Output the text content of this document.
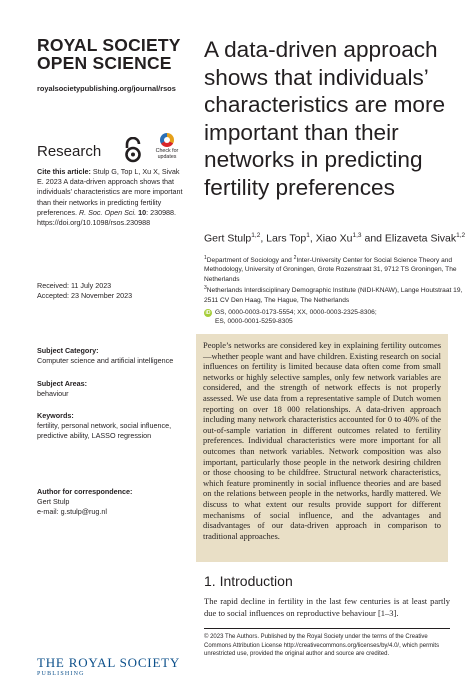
ROYAL SOCIETY
OPEN SCIENCE
royalsocietypublishing.org/journal/rsos
Research	Check for
updates
Cite this article: Stulp G, Top L, Xu X, Sivak E. 2023 A data-driven approach shows that individuals’ characteristics are more important than their networks in predicting fertility preferences. R. Soc. Open Sci. 10: 230988. https://doi.org/10.1098/rsos.230988
Received: 11 July 2023
Accepted: 23 November 2023
Subject Category:
Computer science and artificial intelligence
Subject Areas:
behaviour
Keywords:
fertility, personal network, social influence,
predictive ability, LASSO regression
Author for correspondence:
Gert Stulp
e-mail: g.stulp@rug.nl
THE ROYAL SOCIETY
PUBLISHING
A data-driven approach shows that individuals’ characteristics are more important than their networks in predicting fertility preferences
Gert Stulp$^{1,2}$, Lars Top$^1$, Xiao Xu$^{1,3}$ and Elizaveta Sivak$^{1,2}$
$^1$Department of Sociology and $^2$Inter-University Center for Social Science Theory and Methodology, University of Groningen, Grote Rozenstraat 31, 9712 TS Groningen, The Netherlands
$^3$Netherlands Interdisciplinary Demographic Institute (NIDI-KNAW), Lange Houtstraat 19, 2511 CV Den Haag, The Hague, The Netherlands
iD GS, 0000-0003-0173-5554; XX, 0000-0003-2325-8306;
ES, 0000-0001-5259-8305

People’s networks are considered key in explaining fertility outcomes—whether people want and have children. Existing research on social influences on fertility is limited because data often come from small networks or highly selective samples, only few network variables are considered, and the strength of network effects is not properly assessed. We use data from a representative sample of Dutch women reporting on over 18 000 relationships. A data-driven approach including many network characteristics accounted for 0 to 40% of the out-of-sample variation in different outcomes related to fertility preferences. Individual characteristics were more important for all outcomes than network variables. Network composition was also important, particularly those people in the network desiring children or those choosing to be childfree. Structural network characteristics, which feature prominently in social influence theories and are based on the relations between people in the networks, hardly mattered. We discuss to what extent our results provide support for different mechanisms of social influence, and the advantages and disadvantages of our data-driven approach in comparison to traditional approaches.

1. Introduction
The rapid decline in fertility in the last few centuries is at least partly due to social influences on reproductive behaviour [1–3].
© 2023 The Authors. Published by the Royal Society under the terms of the Creative Commons Attribution License http://creativecommons.org/licenses/by/4.0/, which permits unrestricted use, provided the original author and source are credited.
